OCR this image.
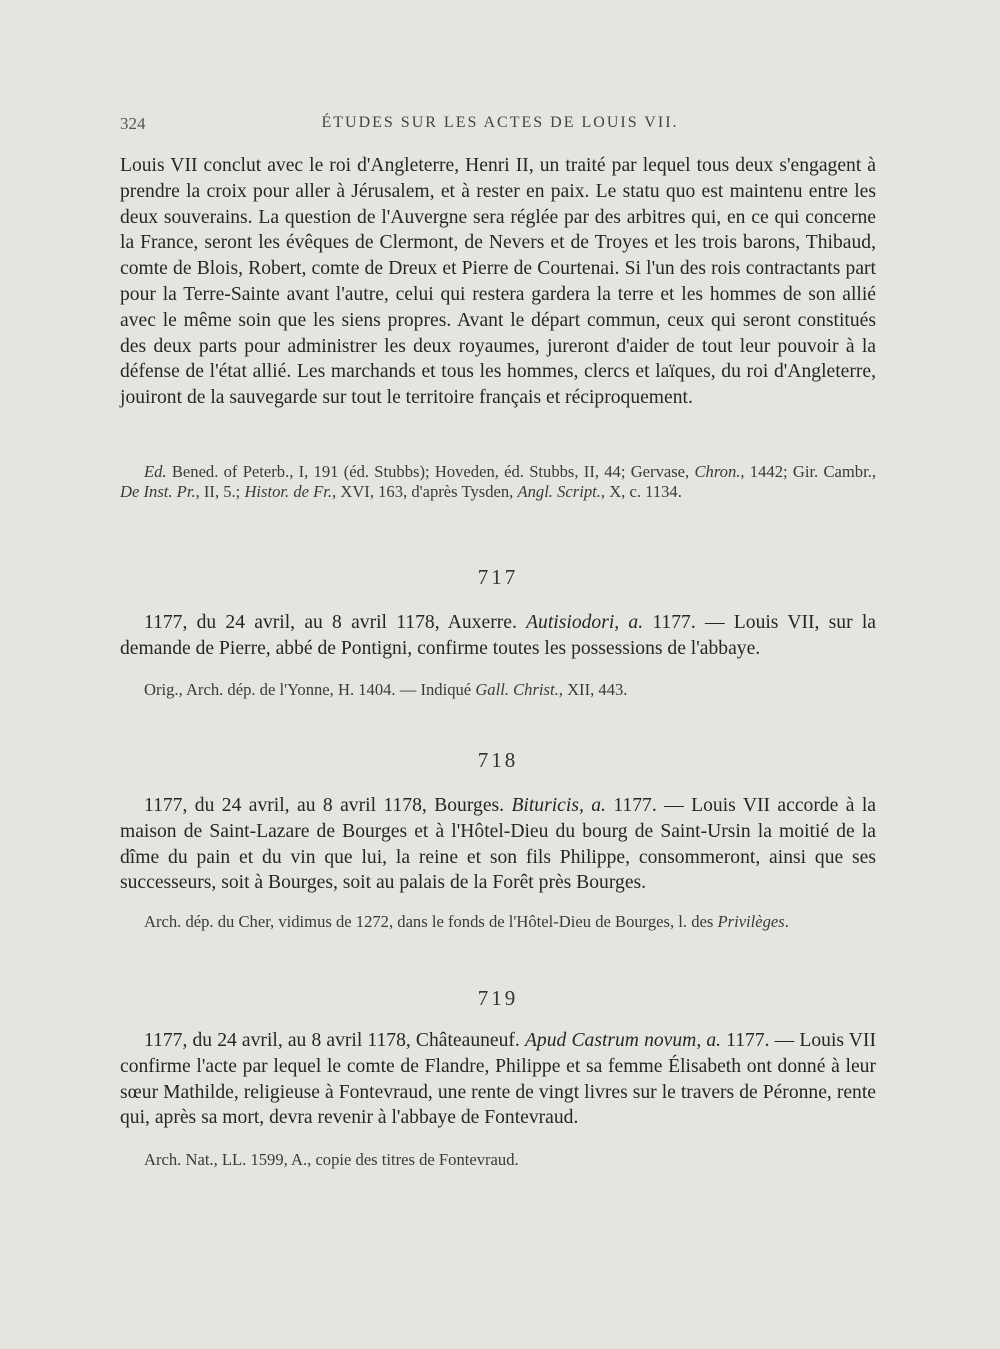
324	ÉTUDES SUR LES ACTES DE LOUIS VII.
Louis VII conclut avec le roi d'Angleterre, Henri II, un traité par lequel tous deux s'engagent à prendre la croix pour aller à Jérusalem, et à rester en paix. Le statu quo est maintenu entre les deux souverains. La question de l'Auvergne sera réglée par des arbitres qui, en ce qui concerne la France, seront les évêques de Clermont, de Nevers et de Troyes et les trois barons, Thibaud, comte de Blois, Robert, comte de Dreux et Pierre de Courtenai. Si l'un des rois contractants part pour la Terre-Sainte avant l'autre, celui qui restera gardera la terre et les hommes de son allié avec le même soin que les siens propres. Avant le départ commun, ceux qui seront constitués des deux parts pour administrer les deux royaumes, jureront d'aider de tout leur pouvoir à la défense de l'état allié. Les marchands et tous les hommes, clercs et laïques, du roi d'Angleterre, jouiront de la sauvegarde sur tout le territoire français et réciproquement.
Ed. Bened. of Peterb., I, 191 (éd. Stubbs); Hoveden, éd. Stubbs, II, 44; Gervase, Chron., 1442; Gir. Cambr., De Inst. Pr., II, 5.; Histor. de Fr., XVI, 163, d'après Tysden, Angl. Script., X, c. 1134.
717
1177, du 24 avril, au 8 avril 1178, Auxerre. Autisiodori, a. 1177. — Louis VII, sur la demande de Pierre, abbé de Pontigni, confirme toutes les possessions de l'abbaye.
Orig., Arch. dép. de l'Yonne, H. 1404. — Indiqué Gall. Christ., XII, 443.
718
1177, du 24 avril, au 8 avril 1178, Bourges. Bituricis, a. 1177. — Louis VII accorde à la maison de Saint-Lazare de Bourges et à l'Hôtel-Dieu du bourg de Saint-Ursin la moitié de la dîme du pain et du vin que lui, la reine et son fils Philippe, consommeront, ainsi que ses successeurs, soit à Bourges, soit au palais de la Forêt près Bourges.
Arch. dép. du Cher, vidimus de 1272, dans le fonds de l'Hôtel-Dieu de Bourges, l. des Privilèges.
719
1177, du 24 avril, au 8 avril 1178, Châteauneuf. Apud Castrum novum, a. 1177. — Louis VII confirme l'acte par lequel le comte de Flandre, Philippe et sa femme Élisabeth ont donné à leur sœur Mathilde, religieuse à Fontevraud, une rente de vingt livres sur le travers de Péronne, rente qui, après sa mort, devra revenir à l'abbaye de Fontevraud.
Arch. Nat., LL. 1599, A., copie des titres de Fontevraud.
